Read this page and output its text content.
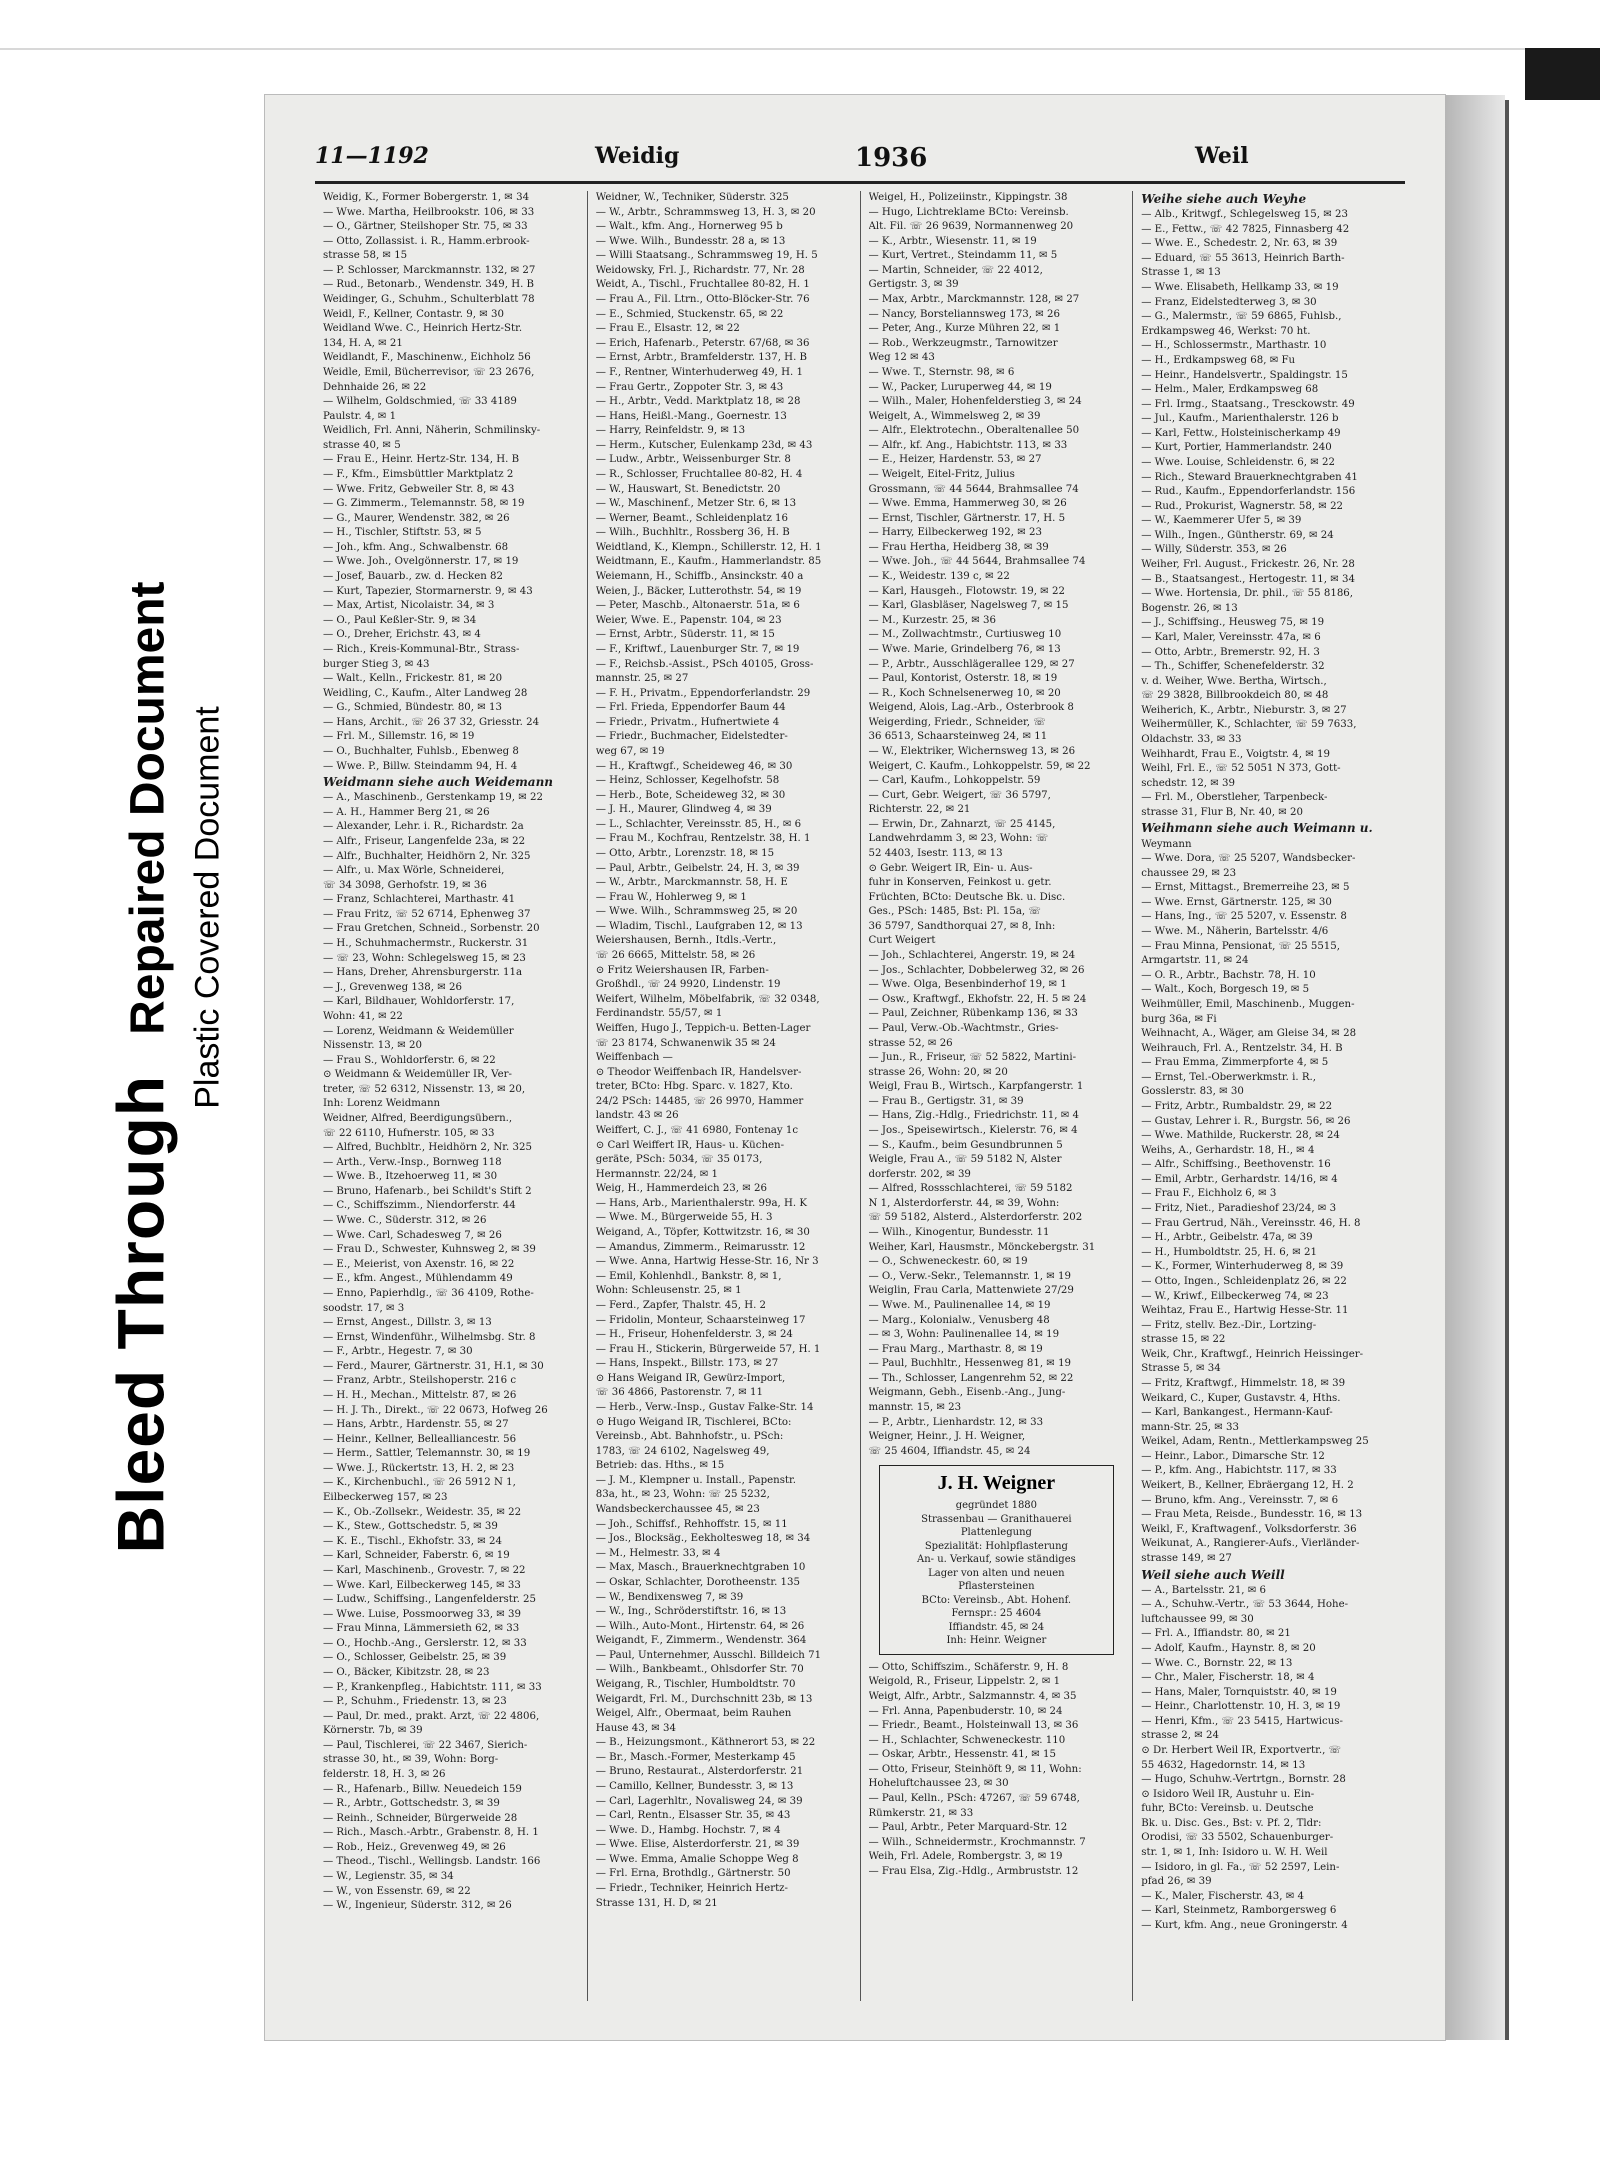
Bleed Through
Repaired Document Plastic Covered Document
11—1192	Weidig	1936	Weil
Weidig, K., Former Bobergerstr. 1, ✉ 34
— Wwe. Martha, Heilbrookstr. 106, ✉ 33
— O., Gärtner, Steilshoper Str. 75, ✉ 33
— Otto, Zollassist. i. R., Hamm.erbrook-
strasse 58, ✉ 15
— P. Schlosser, Marckmannstr. 132, ✉ 27
— Rud., Betonarb., Wendenstr. 349, H. B
Weidinger, G., Schuhm., Schulterblatt 78
Weidl, F., Kellner, Contastr. 9, ✉ 30
Weidland Wwe. C., Heinrich Hertz-Str.
134, H. A, ✉ 21
Weidlandt, F., Maschinenw., Eichholz 56
Weidle, Emil, Bücherrevisor, ☏ 23 2676,
Dehnhaide 26, ✉ 22
— Wilhelm, Goldschmied, ☏ 33 4189
Paulstr. 4, ✉ 1
Weidlich, Frl. Anni, Näherin, Schmilinsky-
strasse 40, ✉ 5
— Frau E., Heinr. Hertz-Str. 134, H. B
— F., Kfm., Eimsbüttler Marktplatz 2
— Wwe. Fritz, Gebweiler Str. 8, ✉ 43
— G. Zimmerm., Telemannstr. 58, ✉ 19
— G., Maurer, Wendenstr. 382, ✉ 26
— H., Tischler, Stiftstr. 53, ✉ 5
— Joh., kfm. Ang., Schwalbenstr. 68
— Wwe. Joh., Ovelgönnerstr. 17, ✉ 19
— Josef, Bauarb., zw. d. Hecken 82
— Kurt, Tapezier, Stormarnerstr. 9, ✉ 43
— Max, Artist, Nicolaistr. 34, ✉ 3
— O., Paul Keßler-Str. 9, ✉ 34
— O., Dreher, Erichstr. 43, ✉ 4
— Rich., Kreis-Kommunal-Btr., Strass-
burger Stieg 3, ✉ 43
— Walt., Kelln., Frickestr. 81, ✉ 20
Weidling, C., Kaufm., Alter Landweg 28
— G., Schmied, Bündestr. 80, ✉ 13
— Hans, Archit., ☏ 26 37 32, Griesstr. 24
— Frl. M., Sillemstr. 16, ✉ 19
— O., Buchhalter, Fuhlsb., Ebenweg 8
— Wwe. P., Billw. Steindamm 94, H. 4
Weidmann siehe auch Weidemann
— A., Maschinenb., Gerstenkamp 19, ✉ 22
— A. H., Hammer Berg 21, ✉ 26
— Alexander, Lehr. i. R., Richardstr. 2a
— Alfr., Friseur, Langenfelde 23a, ✉ 22
— Alfr., Buchhalter, Heidhörn 2, Nr. 325
— Alfr., u. Max Wörle, Schneiderei,
☏ 34 3098, Gerhofstr. 19, ✉ 36
— Franz, Schlachterei, Marthastr. 41
— Frau Fritz, ☏ 52 6714, Ephenweg 37
— Frau Gretchen, Schneid., Sorbenstr. 20
— H., Schuhmachermstr., Ruckerstr. 31
— ☏ 23, Wohn: Schlegelsweg 15, ✉ 23
— Hans, Dreher, Ahrensburgerstr. 11a
— J., Grevenweg 138, ✉ 26
— Karl, Bildhauer, Wohldorferstr. 17,
Wohn: 41, ✉ 22
— Lorenz, Weidmann & Weidemüller
Nissenstr. 13, ✉ 20
— Frau S., Wohldorferstr. 6, ✉ 22
⊙ Weidmann & Weidemüller IR, Ver-
treter, ☏ 52 6312, Nissenstr. 13, ✉ 20,
Inh: Lorenz Weidmann
Weidner, Alfred, Beerdigungsübern.,
☏ 22 6110, Hufnerstr. 105, ✉ 33
— Alfred, Buchbltr., Heidhörn 2, Nr. 325
— Arth., Verw.-Insp., Bornweg 118
— Wwe. B., Itzehoerweg 11, ✉ 30
— Bruno, Hafenarb., bei Schildt's Stift 2
— C., Schiffszimm., Niendorferstr. 44
— Wwe. C., Süderstr. 312, ✉ 26
— Wwe. Carl, Schadesweg 7, ✉ 26
— Frau D., Schwester, Kuhnsweg 2, ✉ 39
— E., Meierist, von Axenstr. 16, ✉ 22
— E., kfm. Angest., Mühlendamm 49
— Enno, Papierhdlg., ☏ 36 4109, Rothe-
soodstr. 17, ✉ 3
— Ernst, Angest., Dillstr. 3, ✉ 13
— Ernst, Windenführ., Wilhelmsbg. Str. 8
— F., Arbtr., Hegestr. 7, ✉ 30
— Ferd., Maurer, Gärtnerstr. 31, H.1, ✉ 30
— Franz, Arbtr., Steilshoperstr. 216 c
— H. H., Mechan., Mittelstr. 87, ✉ 26
— H. J. Th., Direkt., ☏ 22 0673, Hofweg 26
— Hans, Arbtr., Hardenstr. 55, ✉ 27
— Heinr., Kellner, Bellealliancestr. 56
— Herm., Sattler, Telemannstr. 30, ✉ 19
— Wwe. J., Rückertstr. 13, H. 2, ✉ 23
— K., Kirchenbuchl., ☏ 26 5912 N 1,
Eilbeckerweg 157, ✉ 23
— K., Ob.-Zollsekr., Weidestr. 35, ✉ 22
— K., Stew., Gottschedstr. 5, ✉ 39
— K. E., Tischl., Ekhofstr. 33, ✉ 24
— Karl, Schneider, Faberstr. 6, ✉ 19
— Karl, Maschinenb., Grovestr. 7, ✉ 22
— Wwe. Karl, Eilbeckerweg 145, ✉ 33
— Ludw., Schiffsing., Langenfelderstr. 25
— Wwe. Luise, Possmoorweg 33, ✉ 39
— Frau Minna, Lämmersieth 62, ✉ 33
— O., Hochb.-Ang., Gerslerstr. 12, ✉ 33
— O., Schlosser, Geibelstr. 25, ✉ 39
— O., Bäcker, Kibitzstr. 28, ✉ 23
— P., Krankenpfleg., Habichtstr. 111, ✉ 33
— P., Schuhm., Friedenstr. 13, ✉ 23
— Paul, Dr. med., prakt. Arzt, ☏ 22 4806,
Körnerstr. 7b, ✉ 39
— Paul, Tischlerei, ☏ 22 3467, Sierich-
strasse 30, ht., ✉ 39, Wohn: Borg-
felderstr. 18, H. 3, ✉ 26
— R., Hafenarb., Billw. Neuedeich 159
— R., Arbtr., Gottschedstr. 3, ✉ 39
— Reinh., Schneider, Bürgerweide 28
— Rich., Masch.-Arbtr., Grabenstr. 8, H. 1
— Rob., Heiz., Grevenweg 49, ✉ 26
— Theod., Tischl., Wellingsb. Landstr. 166
— W., Legienstr. 35, ✉ 34
— W., von Essenstr. 69, ✉ 22
— W., Ingenieur, Süderstr. 312, ✉ 26
Weidner, W., Techniker, Süderstr. 325
— W., Arbtr., Schrammsweg 13, H. 3, ✉ 20
— Walt., kfm. Ang., Hornerweg 95 b
— Wwe. Wilh., Bundesstr. 28 a, ✉ 13
— Willi Staatsang., Schrammsweg 19, H. 5
Weidowsky, Frl. J., Richardstr. 77, Nr. 28
Weidt, A., Tischl., Fruchtallee 80-82, H. 1
— Frau A., Fil. Ltrn., Otto-Blöcker-Str. 76
— E., Schmied, Stuckenstr. 65, ✉ 22
— Frau E., Elsastr. 12, ✉ 22
— Erich, Hafenarb., Peterstr. 67/68, ✉ 36
— Ernst, Arbtr., Bramfelderstr. 137, H. B
— F., Rentner, Winterhuderweg 49, H. 1
— Frau Gertr., Zoppoter Str. 3, ✉ 43
— H., Arbtr., Vedd. Marktplatz 18, ✉ 28
— Hans, Heißl.-Mang., Goernestr. 13
— Harry, Reinfeldstr. 9, ✉ 13
— Herm., Kutscher, Eulenkamp 23d, ✉ 43
— Ludw., Arbtr., Weissenburger Str. 8
— R., Schlosser, Fruchtallee 80-82, H. 4
— W., Hauswart, St. Benedictstr. 20
— W., Maschinenf., Metzer Str. 6, ✉ 13
— Werner, Beamt., Schleidenplatz 16
— Wilh., Buchhltr., Rossberg 36, H. B
Weidtland, K., Klempn., Schillerstr. 12, H. 1
Weidtmann, E., Kaufm., Hammerlandstr. 85
Weiemann, H., Schiffb., Ansinckstr. 40 a
Weien, J., Bäcker, Lutterothstr. 54, ✉ 19
— Peter, Maschb., Altonaerstr. 51a, ✉ 6
Weier, Wwe. E., Papenstr. 104, ✉ 23
— Ernst, Arbtr., Süderstr. 11, ✉ 15
— F., Kriftwf., Lauenburger Str. 7, ✉ 19
— F., Reichsb.-Assist., PSch 40105, Gross-
mannstr. 25, ✉ 27
— F. H., Privatm., Eppendorferlandstr. 29
— Frl. Frieda, Eppendorfer Baum 44
— Friedr., Privatm., Hufnertwiete 4
— Friedr., Buchmacher, Eidelstedter-
weg 67, ✉ 19
— H., Kraftwgf., Scheideweg 46, ✉ 30
— Heinz, Schlosser, Kegelhofstr. 58
— Herb., Bote, Scheideweg 32, ✉ 30
— J. H., Maurer, Glindweg 4, ✉ 39
— L., Schlachter, Vereinsstr. 85, H., ✉ 6
— Frau M., Kochfrau, Rentzelstr. 38, H. 1
— Otto, Arbtr., Lorenzstr. 18, ✉ 15
— Paul, Arbtr., Geibelstr. 24, H. 3, ✉ 39
— W., Arbtr., Marckmannstr. 58, H. E
— Frau W., Hohlerweg 9, ✉ 1
— Wwe. Wilh., Schrammsweg 25, ✉ 20
— Wladim, Tischl., Laufgraben 12, ✉ 13
Weiershausen, Bernh., Itdls.-Vertr.,
☏ 26 6665, Mittelstr. 58, ✉ 26
⊙ Fritz Weiershausen IR, Farben-
Großhdl., ☏ 24 9920, Lindenstr. 19
Weifert, Wilhelm, Möbelfabrik, ☏ 32 0348,
Ferdinandstr. 55/57, ✉ 1
Weiffen, Hugo J., Teppich-u. Betten-Lager
☏ 23 8174, Schwanenwik 35 ✉ 24
Weiffenbach —
⊙ Theodor Weiffenbach IR, Handelsver-
treter, BCto: Hbg. Sparc. v. 1827, Kto.
24/2 PSch: 14485, ☏ 26 9970, Hammer
landstr. 43 ✉ 26
Weiffert, C. J., ☏ 41 6980, Fontenay 1c
⊙ Carl Weiffert IR, Haus- u. Küchen-
geräte, PSch: 5034, ☏ 35 0173,
Hermannstr. 22/24, ✉ 1
Weig, H., Hammerdeich 23, ✉ 26
— Hans, Arb., Marienthalerstr. 99a, H. K
— Wwe. M., Bürgerweide 55, H. 3
Weigand, A., Töpfer, Kottwitzstr. 16, ✉ 30
— Amandus, Zimmerm., Reimarusstr. 12
— Wwe. Anna, Hartwig Hesse-Str. 16, Nr 3
— Emil, Kohlenhdl., Bankstr. 8, ✉ 1,
Wohn: Schleusenstr. 25, ✉ 1
— Ferd., Zapfer, Thalstr. 45, H. 2
— Fridolin, Monteur, Schaarsteinweg 17
— H., Friseur, Hohenfelderstr. 3, ✉ 24
— Frau H., Stickerin, Bürgerweide 57, H. 1
— Hans, Inspekt., Billstr. 173, ✉ 27
⊙ Hans Weigand IR, Gewürz-Import,
☏ 36 4866, Pastorenstr. 7, ✉ 11
— Herb., Verw.-Insp., Gustav Falke-Str. 14
⊙ Hugo Weigand IR, Tischlerei, BCto:
Vereinsb., Abt. Bahnhofstr., u. PSch:
1783, ☏ 24 6102, Nagelsweg 49,
Betrieb: das. Hths., ✉ 15
— J. M., Klempner u. Install., Papenstr.
83a, ht., ✉ 23, Wohn: ☏ 25 5232,
Wandsbeckerchaussee 45, ✉ 23
— Joh., Schiffsf., Rehhoffstr. 15, ✉ 11
— Jos., Blocksäg., Eekholtesweg 18, ✉ 34
— M., Helmestr. 33, ✉ 4
— Max, Masch., Brauerknechtgraben 10
— Oskar, Schlachter, Dorotheenstr. 135
— W., Bendixensweg 7, ✉ 39
— W., Ing., Schröderstiftstr. 16, ✉ 13
— Wilh., Auto-Mont., Hirtenstr. 64, ✉ 26
Weigandt, F., Zimmerm., Wendenstr. 364
— Paul, Unternehmer, Ausschl. Billdeich 71
— Wilh., Bankbeamt., Ohlsdorfer Str. 70
Weigang, R., Tischler, Humboldtstr. 70
Weigardt, Frl. M., Durchschnitt 23b, ✉ 13
Weigel, Alfr., Obermaat, beim Rauhen
Hause 43, ✉ 34
— B., Heizungsmont., Käthnerort 53, ✉ 22
— Br., Masch.-Former, Mesterkamp 45
— Bruno, Restaurat., Alsterdorferstr. 21
— Camillo, Kellner, Bundesstr. 3, ✉ 13
— Carl, Lagerhltr., Novalisweg 24, ✉ 39
— Carl, Rentn., Elsasser Str. 35, ✉ 43
— Wwe. D., Hambg. Hochstr. 7, ✉ 4
— Wwe. Elise, Alsterdorferstr. 21, ✉ 39
— Wwe. Emma, Amalie Schoppe Weg 8
— Frl. Erna, Brothdlg., Gärtnerstr. 50
— Friedr., Techniker, Heinrich Hertz-
Strasse 131, H. D, ✉ 21
Weigel, H., Polizeiinstr., Kippingstr. 38
— Hugo, Lichtreklame BCto: Vereinsb.
Alt. Fil. ☏ 26 9639, Normannenweg 20
— K., Arbtr., Wiesenstr. 11, ✉ 19
— Kurt, Vertret., Steindamm 11, ✉ 5
— Martin, Schneider, ☏ 22 4012,
Gertigstr. 3, ✉ 39
— Max, Arbtr., Marckmannstr. 128, ✉ 27
— Nancy, Borsteliannsweg 173, ✉ 26
— Peter, Ang., Kurze Mühren 22, ✉ 1
— Rob., Werkzeugmstr., Tarnowitzer
Weg 12 ✉ 43
— Wwe. T., Sternstr. 98, ✉ 6
— W., Packer, Luruperweg 44, ✉ 19
— Wilh., Maler, Hohenfelderstieg 3, ✉ 24
Weigelt, A., Wimmelsweg 2, ✉ 39
— Alfr., Elektrotechn., Oberaltenallee 50
— Alfr., kf. Ang., Habichtstr. 113, ✉ 33
— E., Heizer, Hardenstr. 53, ✉ 27
— Weigelt, Eitel-Fritz, Julius
Grossmann, ☏ 44 5644, Brahmsallee 74
— Wwe. Emma, Hammerweg 30, ✉ 26
— Ernst, Tischler, Gärtnerstr. 17, H. 5
— Harry, Eilbeckerweg 192, ✉ 23
— Frau Hertha, Heidberg 38, ✉ 39
— Wwe. Joh., ☏ 44 5644, Brahmsallee 74
— K., Weidestr. 139 c, ✉ 22
— Karl, Hausgeh., Flotowstr. 19, ✉ 22
— Karl, Glasbläser, Nagelsweg 7, ✉ 15
— M., Kurzestr. 25, ✉ 36
— M., Zollwachtmstr., Curtiusweg 10
— Wwe. Marie, Grindelberg 76, ✉ 13
— P., Arbtr., Ausschlägerallee 129, ✉ 27
— Paul, Kontorist, Osterstr. 18, ✉ 19
— R., Koch Schnelsenerweg 10, ✉ 20
Weigend, Alois, Lag.-Arb., Osterbrook 8
Weigerding, Friedr., Schneider, ☏
36 6513, Schaarsteinweg 24, ✉ 11
— W., Elektriker, Wichernsweg 13, ✉ 26
Weigert, C. Kaufm., Lohkoppelstr. 59, ✉ 22
— Carl, Kaufm., Lohkoppelstr. 59
— Curt, Gebr. Weigert, ☏ 36 5797,
Richterstr. 22, ✉ 21
— Erwin, Dr., Zahnarzt, ☏ 25 4145,
Landwehrdamm 3, ✉ 23, Wohn: ☏
52 4403, Isestr. 113, ✉ 13
⊙ Gebr. Weigert IR, Ein- u. Aus-
fuhr in Konserven, Feinkost u. getr.
Früchten, BCto: Deutsche Bk. u. Disc.
Ges., PSch: 1485, Bst: Pl. 15a, ☏
36 5797, Sandthorquai 27, ✉ 8, Inh:
Curt Weigert
— Joh., Schlachterei, Angerstr. 19, ✉ 24
— Jos., Schlachter, Dobbelerweg 32, ✉ 26
— Wwe. Olga, Besenbinderhof 19, ✉ 1
— Osw., Kraftwgf., Ekhofstr. 22, H. 5 ✉ 24
— Paul, Zeichner, Rübenkamp 136, ✉ 33
— Paul, Verw.-Ob.-Wachtmstr., Gries-
strasse 52, ✉ 26
— Jun., R., Friseur, ☏ 52 5822, Martini-
strasse 26, Wohn: 20, ✉ 20
Weigl, Frau B., Wirtsch., Karpfangerstr. 1
— Frau B., Gertigstr. 31, ✉ 39
— Hans, Zig.-Hdlg., Friedrichstr. 11, ✉ 4
— Jos., Speisewirtsch., Kielerstr. 76, ✉ 4
— S., Kaufm., beim Gesundbrunnen 5
Weigle, Frau A., ☏ 59 5182 N, Alster
dorferstr. 202, ✉ 39
— Alfred, Rossschlachterei, ☏ 59 5182
N 1, Alsterdorferstr. 44, ✉ 39, Wohn:
☏ 59 5182, Alsterd., Alsterdorferstr. 202
— Wilh., Kinogentur, Bundesstr. 11
Weiher, Karl, Hausmstr., Mönckebergstr. 31
— O., Schweneckestr. 60, ✉ 19
— O., Verw.-Sekr., Telemannstr. 1, ✉ 19
Weiglin, Frau Carla, Mattenwiete 27/29
— Wwe. M., Paulinenallee 14, ✉ 19
— Marg., Kolonialw., Venusberg 48
— ✉ 3, Wohn: Paulinenallee 14, ✉ 19
— Frau Marg., Marthastr. 8, ✉ 19
— Paul, Buchhltr., Hessenweg 81, ✉ 19
— Th., Schlosser, Langenrehm 52, ✉ 22
Weigmann, Gebh., Eisenb.-Ang., Jung-
mannstr. 15, ✉ 23
— P., Arbtr., Lienhardstr. 12, ✉ 33
Weigner, Heinr., J. H. Weigner,
☏ 25 4604, Iffiandstr. 45, ✉ 24
J. H. Weigner
gegründet 1880
Strassenbau — Granithauerei
Plattenlegung
Spezialität: Hohlpflasterung
An- u. Verkauf, sowie ständiges
Lager von alten und neuen
Pflastersteinen
BCto: Vereinsb., Abt. Hohenf.
Fernspr.: 25 4604
Iffiandstr. 45, ✉ 24
Inh: Heinr. Weigner
— Otto, Schiffszim., Schäferstr. 9, H. 8
Weigold, R., Friseur, Lippelstr. 2, ✉ 1
Weigt, Alfr., Arbtr., Salzmannstr. 4, ✉ 35
— Frl. Anna, Papenbuderstr. 10, ✉ 24
— Friedr., Beamt., Holsteinwall 13, ✉ 36
— H., Schlachter, Schweneckestr. 110
— Oskar, Arbtr., Hessenstr. 41, ✉ 15
— Otto, Friseur, Steinhöft 9, ✉ 11, Wohn:
Hoheluftchaussee 23, ✉ 30
— Paul, Kelln., PSch: 47267, ☏ 59 6748,
Rümkerstr. 21, ✉ 33
— Paul, Arbtr., Peter Marquard-Str. 12
— Wilh., Schneidermstr., Krochmannstr. 7
Weih, Frl. Adele, Rombergstr. 3, ✉ 19
— Frau Elsa, Zig.-Hdlg., Armbruststr. 12
Weihe siehe auch Weyhe
— Alb., Kritwgf., Schlegelsweg 15, ✉ 23
— E., Fettw., ☏ 42 7825, Finnasberg 42
— Wwe. E., Schedestr. 2, Nr. 63, ✉ 39
— Eduard, ☏ 55 3613, Heinrich Barth-
Strasse 1, ✉ 13
— Wwe. Elisabeth, Hellkamp 33, ✉ 19
— Franz, Eidelstedterweg 3, ✉ 30
— G., Malermstr., ☏ 59 6865, Fuhlsb.,
Erdkampsweg 46, Werkst: 70 ht.
— H., Schlossermstr., Marthastr. 10
— H., Erdkampsweg 68, ✉ Fu
— Heinr., Handelsvertr., Spaldingstr. 15
— Helm., Maler, Erdkampsweg 68
— Frl. Irmg., Staatsang., Tresckowstr. 49
— Jul., Kaufm., Marienthalerstr. 126 b
— Karl, Fettw., Holsteinischerkamp 49
— Kurt, Portier, Hammerlandstr. 240
— Wwe. Louise, Schleidenstr. 6, ✉ 22
— Rich., Steward Brauerknechtgraben 41
— Rud., Kaufm., Eppendorferlandstr. 156
— Rud., Prokurist, Wagnerstr. 58, ✉ 22
— W., Kaemmerer Ufer 5, ✉ 39
— Wilh., Ingen., Güntherstr. 69, ✉ 24
— Willy, Süderstr. 353, ✉ 26
Weiher, Frl. August., Frickestr. 26, Nr. 28
— B., Staatsangest., Hertogestr. 11, ✉ 34
— Wwe. Hortensia, Dr. phil., ☏ 55 8186,
Bogenstr. 26, ✉ 13
— J., Schiffsing., Heusweg 75, ✉ 19
— Karl, Maler, Vereinsstr. 47a, ✉ 6
— Otto, Arbtr., Bremerstr. 92, H. 3
— Th., Schiffer, Schenefelderstr. 32
v. d. Weiher, Wwe. Bertha, Wirtsch.,
☏ 29 3828, Billbrookdeich 80, ✉ 48
Weiherich, K., Arbtr., Nieburstr. 3, ✉ 27
Weihermüller, K., Schlachter, ☏ 59 7633,
Oldachstr. 33, ✉ 33
Weihhardt, Frau E., Voigtstr. 4, ✉ 19
Weihl, Frl. E., ☏ 52 5051 N 373, Gott-
schedstr. 12, ✉ 39
— Frl. M., Oberstleher, Tarpenbeck-
strasse 31, Flur B, Nr. 40, ✉ 20
Weihmann siehe auch Weimann u.
Weymann
— Wwe. Dora, ☏ 25 5207, Wandsbecker-
chaussee 29, ✉ 23
— Ernst, Mittagst., Bremerreihe 23, ✉ 5
— Wwe. Ernst, Gärtnerstr. 125, ✉ 30
— Hans, Ing., ☏ 25 5207, v. Essenstr. 8
— Wwe. M., Näherin, Bartelsstr. 4/6
— Frau Minna, Pensionat, ☏ 25 5515,
Armgartstr. 11, ✉ 24
— O. R., Arbtr., Bachstr. 78, H. 10
— Walt., Koch, Borgesch 19, ✉ 5
Weihmüller, Emil, Maschinenb., Muggen-
burg 36a, ✉ Fi
Weihnacht, A., Wäger, am Gleise 34, ✉ 28
Weihrauch, Frl. A., Rentzelstr. 34, H. B
— Frau Emma, Zimmerpforte 4, ✉ 5
— Ernst, Tel.-Oberwerkmstr. i. R.,
Gosslerstr. 83, ✉ 30
— Fritz, Arbtr., Rumbaldstr. 29, ✉ 22
— Gustav, Lehrer i. R., Burgstr. 56, ✉ 26
— Wwe. Mathilde, Ruckerstr. 28, ✉ 24
Weihs, A., Gerhardstr. 18, H., ✉ 4
— Alfr., Schiffsing., Beethovenstr. 16
— Emil, Arbtr., Gerhardstr. 14/16, ✉ 4
— Frau F., Eichholz 6, ✉ 3
— Fritz, Niet., Paradieshof 23/24, ✉ 3
— Frau Gertrud, Näh., Vereinsstr. 46, H. 8
— H., Arbtr., Geibelstr. 47a, ✉ 39
— H., Humboldtstr. 25, H. 6, ✉ 21
— K., Former, Winterhuderweg 8, ✉ 39
— Otto, Ingen., Schleidenplatz 26, ✉ 22
— W., Kriwf., Eilbeckerweg 74, ✉ 23
Weihtaz, Frau E., Hartwig Hesse-Str. 11
— Fritz, stellv. Bez.-Dir., Lortzing-
strasse 15, ✉ 22
Weik, Chr., Kraftwgf., Heinrich Heissinger-
Strasse 5, ✉ 34
— Fritz, Kraftwgf., Himmelstr. 18, ✉ 39
Weikard, C., Kuper, Gustavstr. 4, Hths.
— Karl, Bankangest., Hermann-Kauf-
mann-Str. 25, ✉ 33
Weikel, Adam, Rentn., Mettlerkampsweg 25
— Heinr., Labor., Dimarsche Str. 12
— P., kfm. Ang., Habichtstr. 117, ✉ 33
Weikert, B., Kellner, Ebräergang 12, H. 2
— Bruno, kfm. Ang., Vereinsstr. 7, ✉ 6
— Frau Meta, Reisde., Bundesstr. 16, ✉ 13
Weikl, F., Kraftwagenf., Volksdorferstr. 36
Weikunat, A., Rangierer-Aufs., Vierländer-
strasse 149, ✉ 27
Weil siehe auch Weill
— A., Bartelsstr. 21, ✉ 6
— A., Schuhw.-Vertr., ☏ 53 3644, Hohe-
luftchaussee 99, ✉ 30
— Frl. A., Iffiandstr. 80, ✉ 21
— Adolf, Kaufm., Haynstr. 8, ✉ 20
— Wwe. C., Bornstr. 22, ✉ 13
— Chr., Maler, Fischerstr. 18, ✉ 4
— Hans, Maler, Tornquiststr. 40, ✉ 19
— Heinr., Charlottenstr. 10, H. 3, ✉ 19
— Henri, Kfm., ☏ 23 5415, Hartwicus-
strasse 2, ✉ 24
⊙ Dr. Herbert Weil IR, Exportvertr., ☏
55 4632, Hagedornstr. 14, ✉ 13
— Hugo, Schuhw.-Vertrtgn., Bornstr. 28
⊙ Isidoro Weil IR, Austuhr u. Ein-
fuhr, BCto: Vereinsb. u. Deutsche
Bk. u. Disc. Ges., Bst: v. Pf. 2, Tldr:
Orodisi, ☏ 33 5502, Schauenburger-
str. 1, ✉ 1, Inh: Isidoro u. W. H. Weil
— Isidoro, in gl. Fa., ☏ 52 2597, Lein-
pfad 26, ✉ 39
— K., Maler, Fischerstr. 43, ✉ 4
— Karl, Steinmetz, Ramborgersweg 6
— Kurt, kfm. Ang., neue Groningerstr. 4
